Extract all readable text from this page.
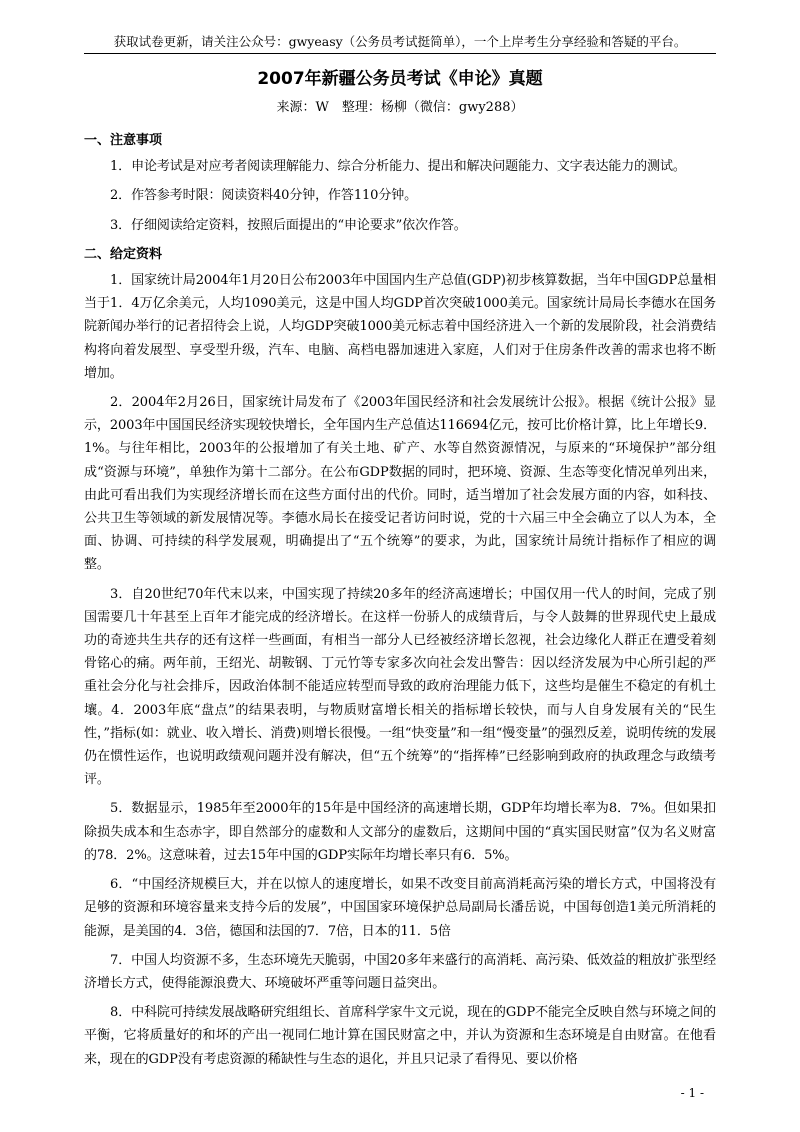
获取试卷更新，请关注公众号：gwyeasy（公务员考试挺简单），一个上岸考生分享经验和答疑的平台。
2007年新疆公务员考试《申论》真题
来源：W　整理：杨柳（微信：gwy288）
一、注意事项

1．申论考试是对应考者阅读理解能力、综合分析能力、提出和解决问题能力、文字表达能力的测试。

2．作答参考时限：阅读资料40分钟，作答110分钟。

3．仔细阅读给定资料，按照后面提出的“申论要求”依次作答。

二、给定资料

1．国家统计局2004年1月20日公布2003年中国国内生产总值(GDP)初步核算数据，当年中国GDP总量相当于1．4万亿余美元，人均1090美元，这是中国人均GDP首次突破1000美元。国家统计局局长李德水在国务院新闻办举行的记者招待会上说，人均GDP突破1000美元标志着中国经济进入一个新的发展阶段，社会消费结构将向着发展型、享受型升级，汽车、电脑、高档电器加速进入家庭，人们对于住房条件改善的需求也将不断增加。

2．2004年2月26日，国家统计局发布了《2003年国民经济和社会发展统计公报》。根据《统计公报》显示，2003年中国国民经济实现较快增长，全年国内生产总值达116694亿元，按可比价格计算，比上年增长9．1%。与往年相比，2003年的公报增加了有关土地、矿产、水等自然资源情况，与原来的“环境保护”部分组成“资源与环境”，单独作为第十二部分。在公布GDP数据的同时，把环境、资源、生态等变化情况单列出来，由此可看出我们为实现经济增长而在这些方面付出的代价。同时，适当增加了社会发展方面的内容，如科技、公共卫生等领域的新发展情况等。李德水局长在接受记者访问时说，党的十六届三中全会确立了以人为本，全面、协调、可持续的科学发展观，明确提出了“五个统筹”的要求，为此，国家统计局统计指标作了相应的调整。

3．自20世纪70年代末以来，中国实现了持续20多年的经济高速增长；中国仅用一代人的时间，完成了别国需要几十年甚至上百年才能完成的经济增长。在这样一份骄人的成绩背后，与令人鼓舞的世界现代史上最成功的奇迹共生共存的还有这样一些画面，有相当一部分人已经被经济增长忽视，社会边缘化人群正在遭受着刻骨铭心的痛。两年前，王绍光、胡鞍钢、丁元竹等专家多次向社会发出警告：因以经济发展为中心所引起的严重社会分化与社会排斥，因政治体制不能适应转型而导致的政府治理能力低下，这些均是催生不稳定的有机土壤。4．2003年底“盘点”的结果表明，与物质财富增长相关的指标增长较快，而与人自身发展有关的“民生性，”指标(如：就业、收入增长、消费)则增长很慢。一组“快变量”和一组“慢变量”的强烈反差，说明传统的发展仍在惯性运作，也说明政绩观问题并没有解决，但“五个统筹”的“指挥棒”已经影响到政府的执政理念与政绩考评。

5．数据显示，1985年至2000年的15年是中国经济的高速增长期，GDP年均增长率为8．7%。但如果扣除损失成本和生态赤字，即自然部分的虚数和人文部分的虚数后，这期间中国的“真实国民财富”仅为名义财富的78．2%。这意味着，过去15年中国的GDP实际年均增长率只有6．5%。

6．“中国经济规模巨大，并在以惊人的速度增长，如果不改变目前高消耗高污染的增长方式，中国将没有足够的资源和环境容量来支持今后的发展”，中国国家环境保护总局副局长潘岳说，中国每创造1美元所消耗的能源，是美国的4．3倍，德国和法国的7．7倍，日本的11．5倍

7．中国人均资源不多，生态环境先天脆弱，中国20多年来盛行的高消耗、高污染、低效益的粗放扩张型经济增长方式，使得能源浪费大、环境破坏严重等问题日益突出。

8．中科院可持续发展战略研究组组长、首席科学家牛文元说，现在的GDP不能完全反映自然与环境之间的平衡，它将质量好的和坏的产出一视同仁地计算在国民财富之中，并认为资源和生态环境是自由财富。在他看来，现在的GDP没有考虑资源的稀缺性与生态的退化，并且只记录了看得见、要以价格

- 1 -
